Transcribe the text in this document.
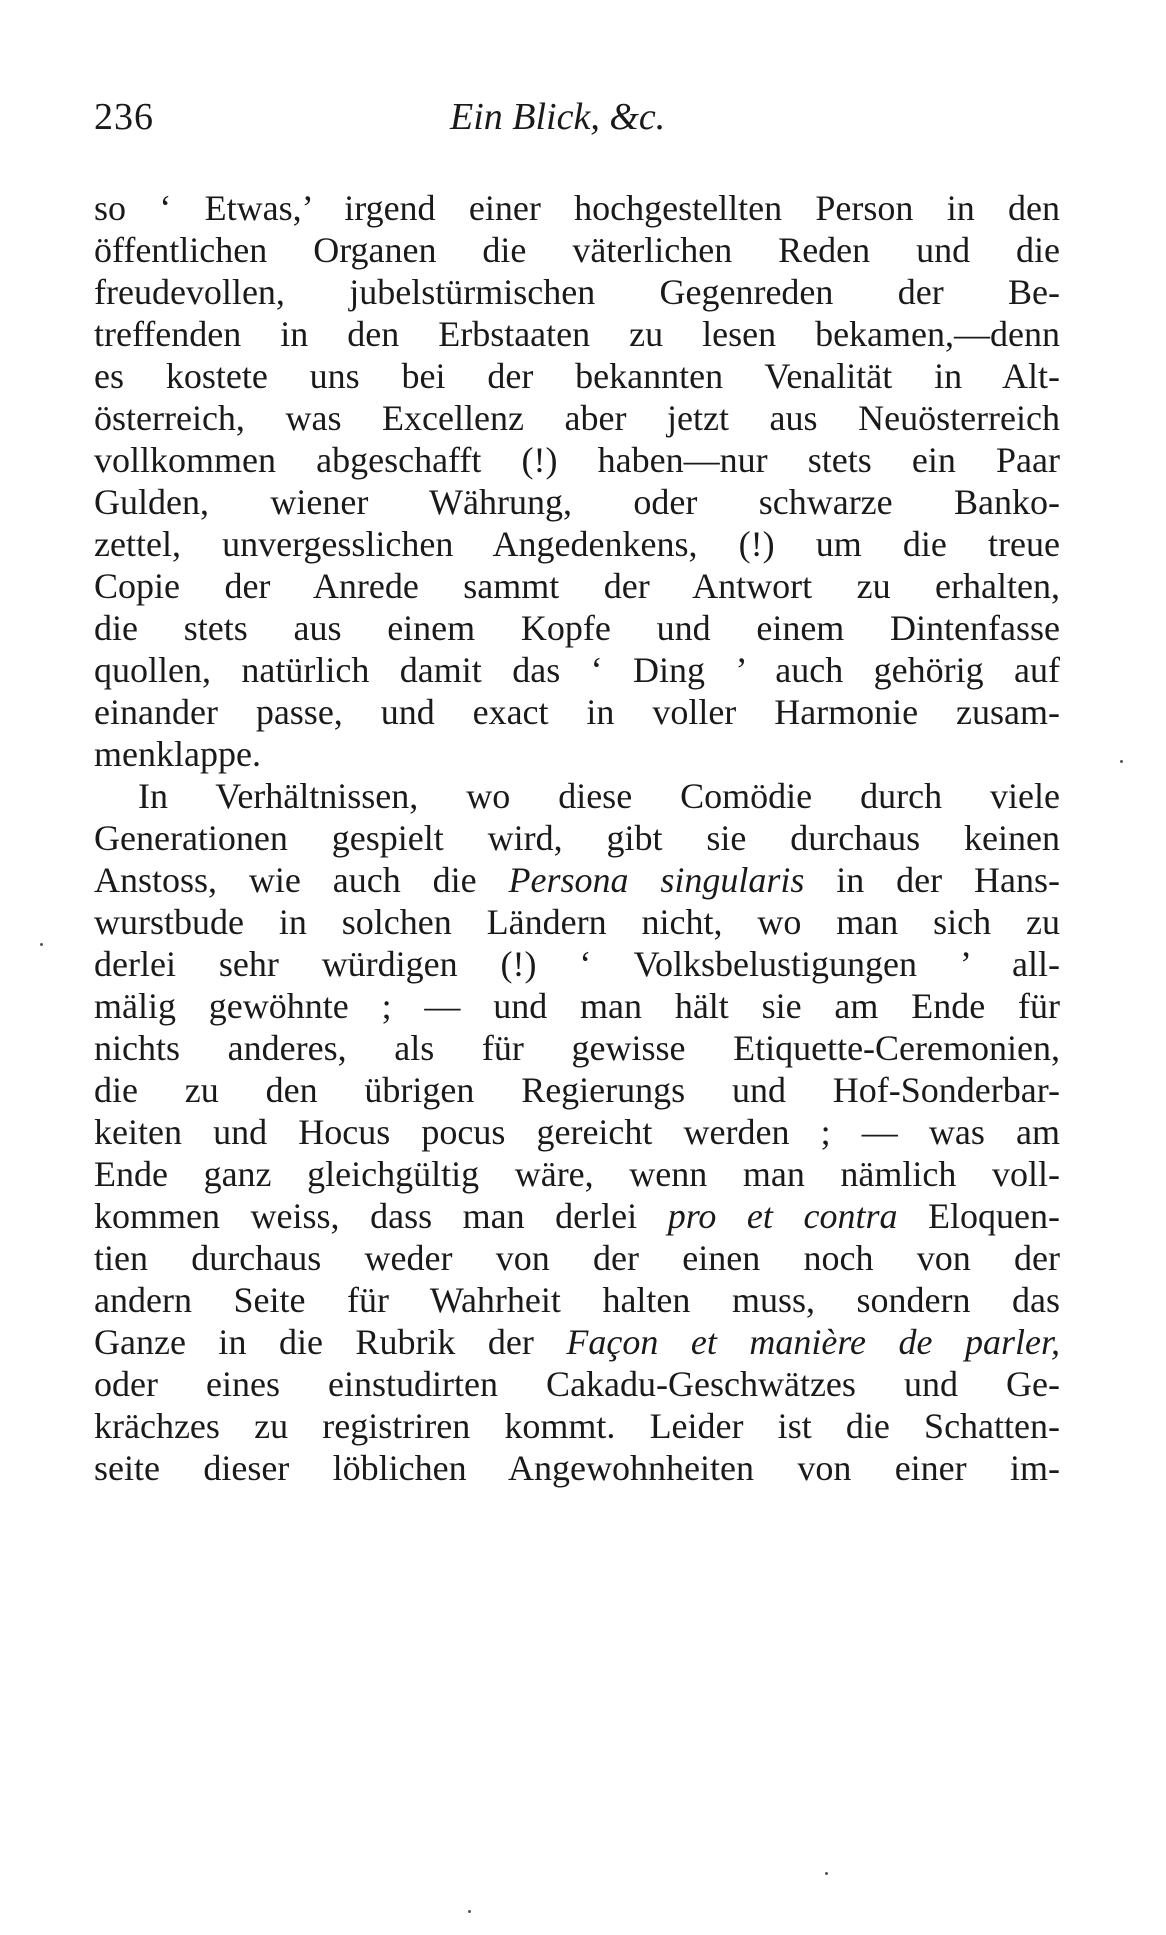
236	Ein Blick, &c.
so ‘ Etwas,’ irgend einer hochgestellten Person in den
öffentlichen Organen die väterlichen Reden und die
freudevollen, jubelstürmischen Gegenreden der Be-
treffenden in den Erbstaaten zu lesen bekamen,—denn
es kostete uns bei der bekannten Venalität in Alt-
österreich, was Excellenz aber jetzt aus Neuösterreich
vollkommen abgeschafft (!) haben—nur stets ein Paar
Gulden, wiener Währung, oder schwarze Banko-
zettel, unvergesslichen Angedenkens, (!) um die treue
Copie der Anrede sammt der Antwort zu erhalten,
die stets aus einem Kopfe und einem Dintenfasse
quollen, natürlich damit das ‘ Ding ’ auch gehörig auf
einander passe, und exact in voller Harmonie zusam-
menklappe.
In Verhältnissen, wo diese Comödie durch viele
Generationen gespielt wird, gibt sie durchaus keinen
Anstoss, wie auch die Persona singularis in der Hans-
wurstbude in solchen Ländern nicht, wo man sich zu
derlei sehr würdigen (!) ‘ Volksbelustigungen ’ all-
mälig gewöhnte ; — und man hält sie am Ende für
nichts anderes, als für gewisse Etiquette-Ceremonien,
die zu den übrigen Regierungs und Hof-Sonderbar-
keiten und Hocus pocus gereicht werden ; — was am
Ende ganz gleichgültig wäre, wenn man nämlich voll-
kommen weiss, dass man derlei pro et contra Eloquen-
tien durchaus weder von der einen noch von der
andern Seite für Wahrheit halten muss, sondern das
Ganze in die Rubrik der Façon et manière de parler,
oder eines einstudirten Cakadu-Geschwätzes und Ge-
krächzes zu registriren kommt. Leider ist die Schatten-
seite dieser löblichen Angewohnheiten von einer im-
